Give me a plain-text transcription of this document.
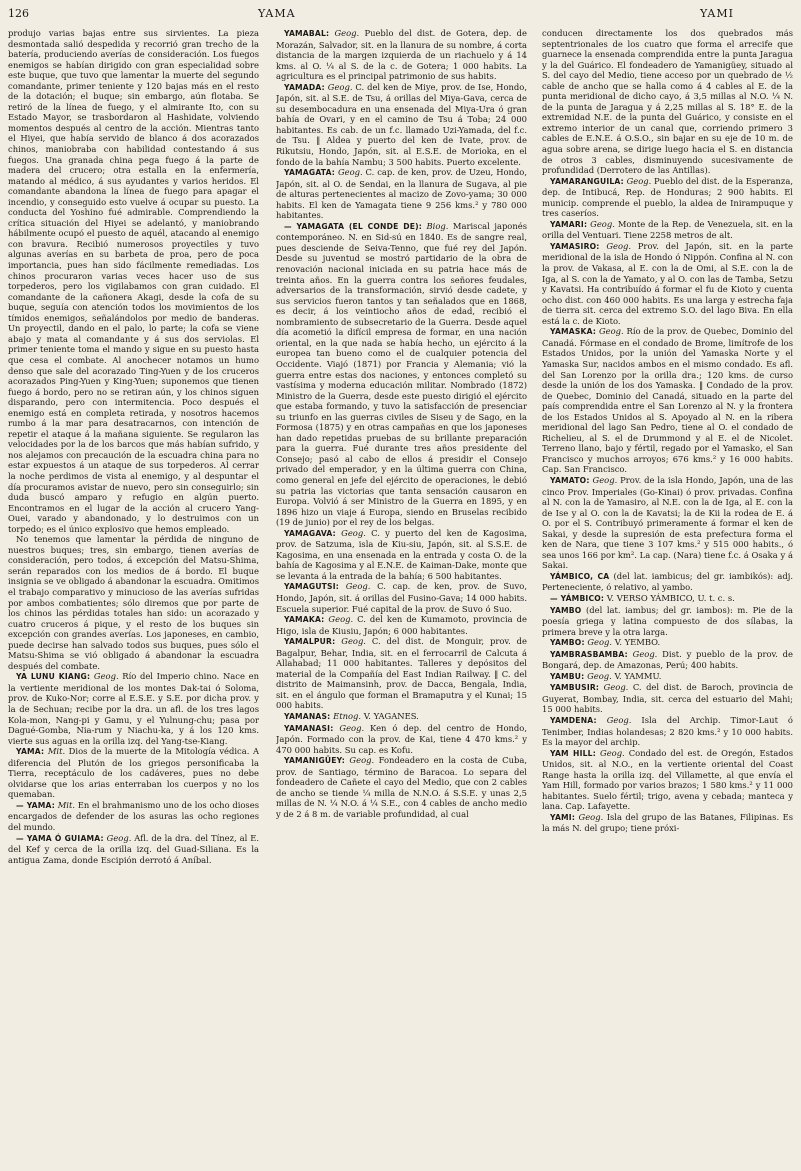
126	YAMA	YAMI

produjo varias bajas entre sus sirvientes. La pieza desmontada salió despedida y recorrió gran trecho de la batería, produciendo averías de consideración. Los fuegos enemigos se habían dirigido con gran especialidad sobre este buque, que tuvo que lamentar la muerte del segundo comandante, primer teniente y 120 bajas más en el resto de la dotación; el buque; sin embargo, aún flotaba. Se retiró de la línea de fuego, y el almirante Ito, con su Estado Mayor, se trasbordaron al Hashidate, volviendo momentos después al centro de la acción. Mientras tanto el Hiyei, que había servido de blanco á dos acorazados chinos, maniobraba con habilidad contestando á sus fuegos. Una granada china pega fuego á la parte de madera del crucero; otra estalla en la enfermería, matando al médico, á sus ayudantes y varios heridos. El comandante abandona la línea de fuego para apagar el incendio, y conseguido esto vuelve á ocupar su puesto. La conducta del Yoshino fué admirable. Comprendiendo la crítica situación del Hiyei se adelantó, y maniobrando hábilmente ocupó el puesto de aquél, atacando al enemigo con bravura. Recibió numerosos proyectiles y tuvo algunas averías en su barbeta de proa, pero de poca importancia, pues han sido fácilmente remediadas. Los chinos procuraron varias veces hacer uso de sus torpederos, pero los vigilabamos con gran cuidado. El comandante de la cañonera Akagi, desde la cofa de su buque, seguía con atención todos los movimientos de los tímidos enemigos, señalándolos por medio de banderas. Un proyectil, dando en el palo, lo parte; la cofa se viene abajo y mata al comandante y á sus dos serviolas. El primer teniente toma el mando y sigue en su puesto hasta que cesa el combate. Al anochecer notamos un humo denso que sale del acorazado Ting-Yuen y de los cruceros acorazados Ping-Yuen y King-Yuen; suponemos que tienen fuego á bordo, pero no se retiran aún, y los chinos siguen disparando, pero con intermitencia. Poco después el enemigo está en completa retirada, y nosotros hacemos rumbo á la mar para desatracarnos, con intención de repetir el ataque á la mañana siguiente. Se regularon las velocidades por la de los barcos que más habían sufrido, y nos alejamos con precaución de la escuadra china para no estar expuestos á un ataque de sus torpederos. Al cerrar la noche perdimos de vista al enemigo, y al despuntar el día procuramos avistar de nuevo, pero sin conseguirlo; sin duda buscó amparo y refugio en algún puerto. Encontramos en el lugar de la acción al crucero Yang-Ouei, varado y abandonado, y lo destruimos con un torpedo; es el único explosivo que hemos empleado.

No tenemos que lamentar la pérdida de ninguno de nuestros buques; tres, sin embargo, tienen averías de consideración, pero todos, á excepción del Matsu-Shima, serán reparados con los medios de á bordo. El buque insignia se ve obligado á abandonar la escuadra. Omitimos el trabajo comparativo y minucioso de las averías sufridas por ambos combatientes; sólo diremos que por parte de los chinos las pérdidas totales han sido: un acorazado y cuatro cruceros á pique, y el resto de los buques sin excepción con grandes averías. Los japoneses, en cambio, puede decirse han salvado todos sus buques, pues sólo el Matsu-Shima se vió obligado á abandonar la escuadra después del combate.

YA LUNU KIANG: Geog. Río del Imperio chino. Nace en la vertiente meridional de los montes Dak-tai ó Soloma, prov. de Kuko-Nor; corre al E.S.E. y S.E. por dicha prov. y la de Sechuan; recibe por la dra. un afl. de los tres lagos Kola-mon, Nang-pi y Gamu, y el Yulnung-chu; pasa por Dagué-Gomba, Nia-rum y Niachu-ka, y á los 120 kms. vierte sus aguas en la orilla izq. del Yang-tse-Kiang.

YAMA: Mit. Dios de la muerte de la Mitología védica. A diferencia del Plutón de los griegos personificaba la Tierra, receptáculo de los cadáveres, pues no debe olvidarse que los arias enterraban los cuerpos y no los quemaban.

— YAMA: Mit. En el brahmanismo uno de los ocho dioses encargados de defender de los asuras las ocho regiones del mundo.

— YAMA Ó GUIAMA: Geog. Afl. de la dra. del Tínez, al E. del Kef y cerca de la orilla izq. del Guad-Siliana. Es la antigua Zama, donde Escipión derrotó á Aníbal.

YAMABAL: Geog. Pueblo del dist. de Gotera, dep. de Morazán, Salvador, sit. en la llanura de su nombre, á corta distancia de la margen izquierda de un riachuelo y á 14 kms. al O. ¼ al S. de la c. de Gotera; 1 000 habits. La agricultura es el principal patrimonio de sus habits.

YAMADA: Geog. C. del ken de Miye, prov. de Ise, Hondo, Japón, sit. al S.E. de Tsu, á orillas del Miya-Gava, cerca de su desembocadura en una ensenada del Miya-Ura ó gran bahía de Ovari, y en el camino de Tsu á Toba; 24 000 habitantes. Es cab. de un f.c. llamado Uzi-Yamada, del f.c. de Tsu. ‖ Aldea y puerto del ken de Ivate, prov. de Rikutsiu, Hondo, Japón, sit. al E.S.E. de Morioka, en el fondo de la bahía Nambu; 3 500 habits. Puerto excelente.

YAMAGATA: Geog. C. cap. de ken, prov. de Uzeu, Hondo, Japón, sit. al O. de Sendai, en la llanura de Sugava, al pie de alturas pertenecientes al macizo de Zovo-yama; 30 000 habits. El ken de Yamagata tiene 9 256 kms.² y 780 000 habitantes.

— YAMAGATA (EL CONDE DE): Biog. Mariscal japonés contemporáneo. N. en Sid-sú en 1840. Es de sangre real, pues desciende de Seiva-Tenno, que fué rey del Japón. Desde su juventud se mostró partidario de la obra de renovación nacional iniciada en su patria hace más de treinta años. En la guerra contra los señores feudales, adversarios de la transformación, sirvió desde cadete, y sus servicios fueron tantos y tan señalados que en 1868, es decir, á los veintiocho años de edad, recibió el nombramiento de subsecretario de la Guerra. Desde aquel día acometió la difícil empresa de formar, en una nación oriental, en la que nada se había hecho, un ejército á la europea tan bueno como el de cualquier potencia del Occidente. Viajó (1871) por Francia y Alemania; vió la guerra entre estas dos naciones, y entonces completó su vastísima y moderna educación militar. Nombrado (1872) Ministro de la Guerra, desde este puesto dirigió el ejército que estaba formando, y tuvo la satisfacción de presenciar su triunfo en las guerras civiles de Siseu y de Sago, en la Formosa (1875) y en otras campañas en que los japoneses han dado repetidas pruebas de su brillante preparación para la guerra. Fué durante tres años presidente del Consejo; pasó al cabo de ellos á presidir el Consejo privado del emperador, y en la última guerra con China, como general en jefe del ejército de operaciones, le debió su patria las victorias que tanta sensación causaron en Europa. Volvió á ser Ministro de la Guerra en 1895, y en 1896 hizo un viaje á Europa, siendo en Bruselas recibido (19 de junio) por el rey de los belgas.

YAMAGAVA: Geog. C. y puerto del ken de Kagosima, prov. de Satzuma, isla de Kiu-siu, Japón, sit. al S.S.E. de Kagosima, en una ensenada en la entrada y costa O. de la bahía de Kagosima y al E.N.E. de Kaiman-Dake, monte que se levanta á la entrada de la bahía; 6 500 habitantes.

YAMAGUTSI: Geog. C. cap. de ken, prov. de Suvo, Hondo, Japón, sit. á orillas del Fusino-Gava; 14 000 habits. Escuela superior. Fué capital de la prov. de Suvo ó Suo.

YAMAKA: Geog. C. del ken de Kumamoto, provincia de Higo, isla de Kiusiu, Japón; 6 000 habitantes.

YAMALPUR: Geog. C. del dist. de Monguir, prov. de Bagalpur, Behar, India, sit. en el ferrocarril de Calcuta á Allahabad; 11 000 habitantes. Talleres y depósitos del material de la Compañía del East Indian Railway. ‖ C. del distrito de Maimansinh, prov. de Dacca, Bengala, India, sit. en el ángulo que forman el Bramaputra y el Kunai; 15 000 habits.

YAMANAS: Etnog. V. YAGANES.

YAMANASI: Geog. Ken ó dep. del centro de Hondo, Japón. Formado con la prov. de Kai, tiene 4 470 kms.² y 470 000 habits. Su cap. es Kofu.

YAMANIGÜEY: Geog. Fondeadero en la costa de Cuba, prov. de Santiago, término de Baracoa. Lo separa del fondeadero de Cañete el cayo del Medio, que con 2 cables de ancho se tiende ¼ milla de N.N.O. á S.S.E. y unas 2,5 millas de N. ¼ N.O. á ¼ S.E., con 4 cables de ancho medio y de 2 á 8 m. de variable profundidad, al cual

conducen directamente los dos quebrados más septentrionales de los cuatro que forma el arrecife que guarnece la ensenada comprendida entre la punta Jaragua y la del Guárico. El fondeadero de Yamanigüey, situado al S. del cayo del Medio, tiene acceso por un quebrado de ½ cable de ancho que se halla como á 4 cables al E. de la punta meridional de dicho cayo, á 3,5 millas al N.O. ¼ N. de la punta de Jaragua y á 2,25 millas al S. 18° E. de la extremidad N.E. de la punta del Guárico, y consiste en el extremo interior de un canal que, corriendo primero 3 cables de E.N.E. á O.S.O., sin bajar en su eje de 10 m. de agua sobre arena, se dirige luego hacia el S. en distancia de otros 3 cables, disminuyendo sucesivamente de profundidad (Derrotero de las Antillas).

YAMARANGUILA: Geog. Pueblo del dist. de la Esperanza, dep. de Intibucá, Rep. de Honduras; 2 900 habits. El municip. comprende el pueblo, la aldea de Inirampuque y tres caseríos.

YAMARI: Geog. Monte de la Rep. de Venezuela, sit. en la orilla del Ventuari. Tiene 2258 metros de alt.

YAMASIRO: Geog. Prov. del Japón, sit. en la parte meridional de la isla de Hondo ó Nippón. Confina al N. con la prov. de Vakasa, al E. con la de Omi, al S.E. con la de Iga, al S. con la de Yamato, y al O. con las de Tamba, Setzu y Kavatsi. Ha contribuído á formar el fu de Kioto y cuenta ocho dist. con 460 000 habits. Es una larga y estrecha faja de tierra sit. cerca del extremo S.O. del lago Biva. En ella está la c. de Kioto.

YAMASKA: Geog. Río de la prov. de Quebec, Dominio del Canadá. Fórmase en el condado de Brome, limítrofe de los Estados Unidos, por la unión del Yamaska Norte y el Yamaska Sur, nacidos ambos en el mismo condado. Es afl. del San Lorenzo por la orilla dra.; 120 kms. de curso desde la unión de los dos Yamaska. ‖ Condado de la prov. de Quebec, Dominio del Canadá, situado en la parte del país comprendida entre el San Lorenzo al N. y la frontera de los Estados Unidos al S. Apoyado al N. en la ribera meridional del lago San Pedro, tiene al O. el condado de Richelieu, al S. el de Drummond y al E. el de Nicolet. Terreno llano, bajo y fértil, regado por el Yamasko, el San Francisco y muchos arroyos; 676 kms.² y 16 000 habits. Cap. San Francisco.

YAMATO: Geog. Prov. de la isla Hondo, Japón, una de las cinco Prov. Imperiales (Go-Kinai) ó prov. privadas. Confina al N. con la de Yamasiro, al N.E. con la de Iga, al E. con la de Ise y al O. con la de Kavatsi; la de Kii la rodea de E. á O. por el S. Contribuyó primeramente á formar el ken de Sakai, y desde la supresión de esta prefectura forma el ken de Nara, que tiene 3 107 kms.² y 515 000 habits., ó sea unos 166 por km². La cap. (Nara) tiene f.c. á Osaka y á Sakai.

YÁMBICO, CA (del lat. iambicus; del gr. iambikós): adj. Perteneciente, ó relativo, al yambo.

— YÁMBICO: V. VERSO YÁMBICO, U. t. c. s.

YAMBO (del lat. iambus; del gr. iambos): m. Pie de la poesía griega y latina compuesto de dos sílabas, la primera breve y la otra larga.

YAMBO: Geog. V. YEMBO.

YAMBRASBAMBA: Geog. Dist. y pueblo de la prov. de Bongará, dep. de Amazonas, Perú; 400 habits.

YAMBU: Geog. V. YAMMU.

YAMBUSIR: Geog. C. del dist. de Baroch, provincia de Guyerat, Bombay, India, sit. cerca del estuario del Mahi; 15 000 habits.

YAMDENA: Geog. Isla del Archip. Timor-Laut ó Tenimber, Indias holandesas; 2 820 kms.² y 10 000 habits. Es la mayor del archip.

YAM HILL: Geog. Condado del est. de Oregón, Estados Unidos, sit. al N.O., en la vertiente oriental del Coast Range hasta la orilla izq. del Villamette, al que envía el Yam Hill, formado por varios brazos; 1 580 kms.² y 11 000 habitantes. Suelo fértil; trigo, avena y cebada; manteca y lana. Cap. Lafayette.

YAMI: Geog. Isla del grupo de las Batanes, Filipinas. Es la más N. del grupo; tiene próxi-
